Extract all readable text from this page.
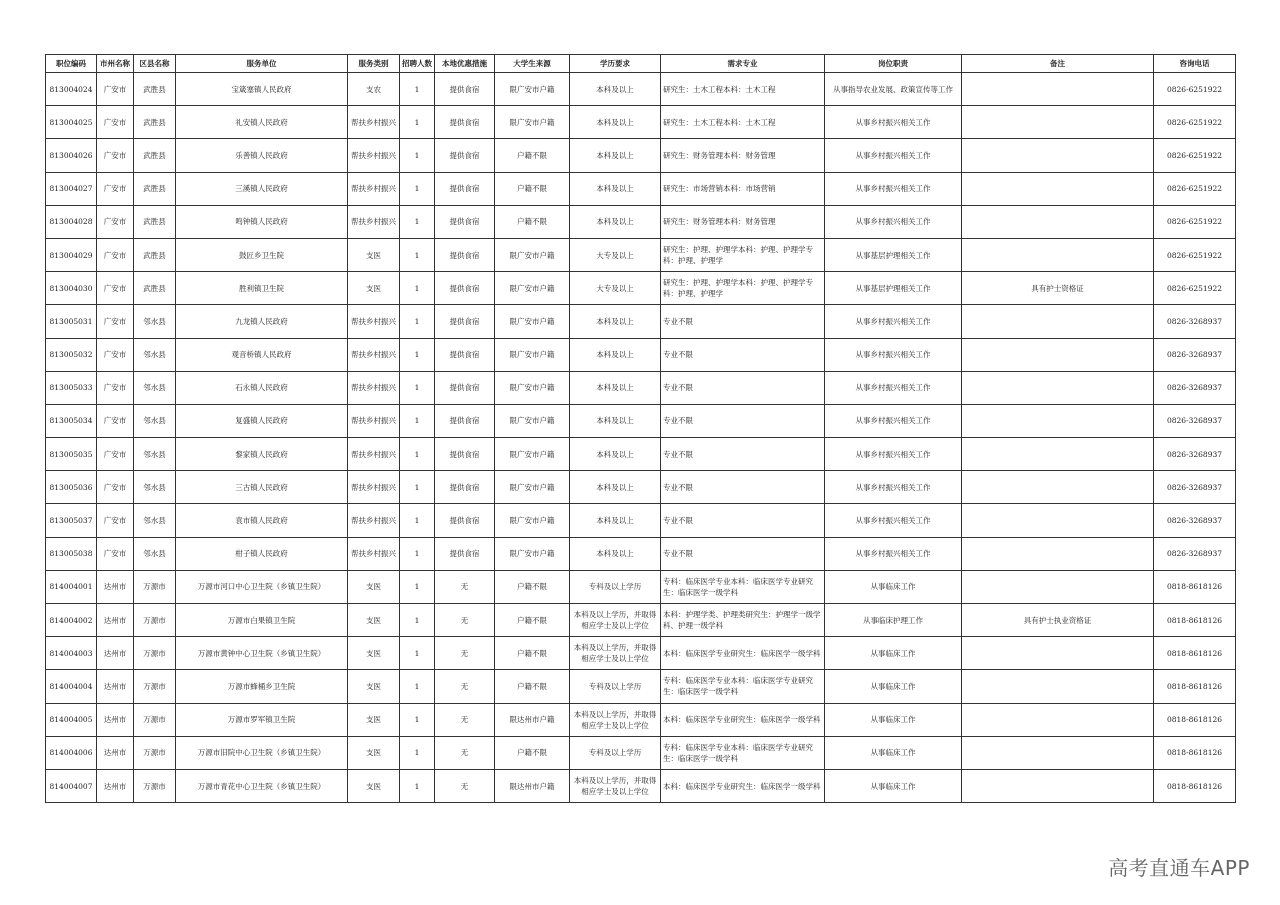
职位编码	市州名称	区县名称	服务单位	服务类别	招聘人数	本地优惠措施	大学生来源	学历要求	需求专业	岗位职责	备注	咨询电话
813004024	广安市	武胜县	宝箴塞镇人民政府	支农	1	提供食宿	限广安市户籍	本科及以上	研究生：土木工程本科：土木工程	从事指导农业发展、政策宣传等工作		0826-6251922
813004025	广安市	武胜县	礼安镇人民政府	帮扶乡村振兴	1	提供食宿	限广安市户籍	本科及以上	研究生：土木工程本科：土木工程	从事乡村振兴相关工作		0826-6251922
813004026	广安市	武胜县	乐善镇人民政府	帮扶乡村振兴	1	提供食宿	户籍不限	本科及以上	研究生：财务管理本科：财务管理	从事乡村振兴相关工作		0826-6251922
813004027	广安市	武胜县	三溪镇人民政府	帮扶乡村振兴	1	提供食宿	户籍不限	本科及以上	研究生：市场营销本科：市场营销	从事乡村振兴相关工作		0826-6251922
813004028	广安市	武胜县	鸣钟镇人民政府	帮扶乡村振兴	1	提供食宿	户籍不限	本科及以上	研究生：财务管理本科：财务管理	从事乡村振兴相关工作		0826-6251922
813004029	广安市	武胜县	鼓匠乡卫生院	支医	1	提供食宿	限广安市户籍	大专及以上	研究生：护理、护理学本科：护理、护理学专科：护理、护理学	从事基层护理相关工作		0826-6251922
813004030	广安市	武胜县	胜利镇卫生院	支医	1	提供食宿	限广安市户籍	大专及以上	研究生：护理、护理学本科：护理、护理学专科：护理、护理学	从事基层护理相关工作	具有护士资格证	0826-6251922
813005031	广安市	邻水县	九龙镇人民政府	帮扶乡村振兴	1	提供食宿	限广安市户籍	本科及以上	专业不限	从事乡村振兴相关工作		0826-3268937
813005032	广安市	邻水县	观音桥镇人民政府	帮扶乡村振兴	1	提供食宿	限广安市户籍	本科及以上	专业不限	从事乡村振兴相关工作		0826-3268937
813005033	广安市	邻水县	石永镇人民政府	帮扶乡村振兴	1	提供食宿	限广安市户籍	本科及以上	专业不限	从事乡村振兴相关工作		0826-3268937
813005034	广安市	邻水县	复盛镇人民政府	帮扶乡村振兴	1	提供食宿	限广安市户籍	本科及以上	专业不限	从事乡村振兴相关工作		0826-3268937
813005035	广安市	邻水县	黎家镇人民政府	帮扶乡村振兴	1	提供食宿	限广安市户籍	本科及以上	专业不限	从事乡村振兴相关工作		0826-3268937
813005036	广安市	邻水县	三古镇人民政府	帮扶乡村振兴	1	提供食宿	限广安市户籍	本科及以上	专业不限	从事乡村振兴相关工作		0826-3268937
813005037	广安市	邻水县	袁市镇人民政府	帮扶乡村振兴	1	提供食宿	限广安市户籍	本科及以上	专业不限	从事乡村振兴相关工作		0826-3268937
813005038	广安市	邻水县	柑子镇人民政府	帮扶乡村振兴	1	提供食宿	限广安市户籍	本科及以上	专业不限	从事乡村振兴相关工作		0826-3268937
814004001	达州市	万源市	万源市河口中心卫生院（乡镇卫生院）	支医	1	无	户籍不限	专科及以上学历	专科：临床医学专业本科：临床医学专业研究生：临床医学一级学科	从事临床工作		0818-8618126
814004002	达州市	万源市	万源市白果镇卫生院	支医	1	无	户籍不限	本科及以上学历，并取得相应学士及以上学位	本科：护理学类、护理类研究生：护理学一级学科、护理一级学科	从事临床护理工作	具有护士执业资格证	0818-8618126
814004003	达州市	万源市	万源市黄钟中心卫生院（乡镇卫生院）	支医	1	无	户籍不限	本科及以上学历，并取得相应学士及以上学位	本科：临床医学专业研究生：临床医学一级学科	从事临床工作		0818-8618126
814004004	达州市	万源市	万源市蜂桶乡卫生院	支医	1	无	户籍不限	专科及以上学历	专科：临床医学专业本科：临床医学专业研究生：临床医学一级学科	从事临床工作		0818-8618126
814004005	达州市	万源市	万源市罗军镇卫生院	支医	1	无	限达州市户籍	本科及以上学历，并取得相应学士及以上学位	本科：临床医学专业研究生：临床医学一级学科	从事临床工作		0818-8618126
814004006	达州市	万源市	万源市旧院中心卫生院（乡镇卫生院）	支医	1	无	户籍不限	专科及以上学历	专科：临床医学专业本科：临床医学专业研究生：临床医学一级学科	从事临床工作		0818-8618126
814004007	达州市	万源市	万源市青花中心卫生院（乡镇卫生院）	支医	1	无	限达州市户籍	本科及以上学历，并取得相应学士及以上学位	本科：临床医学专业研究生：临床医学一级学科	从事临床工作		0818-8618126
高考直通车APP
